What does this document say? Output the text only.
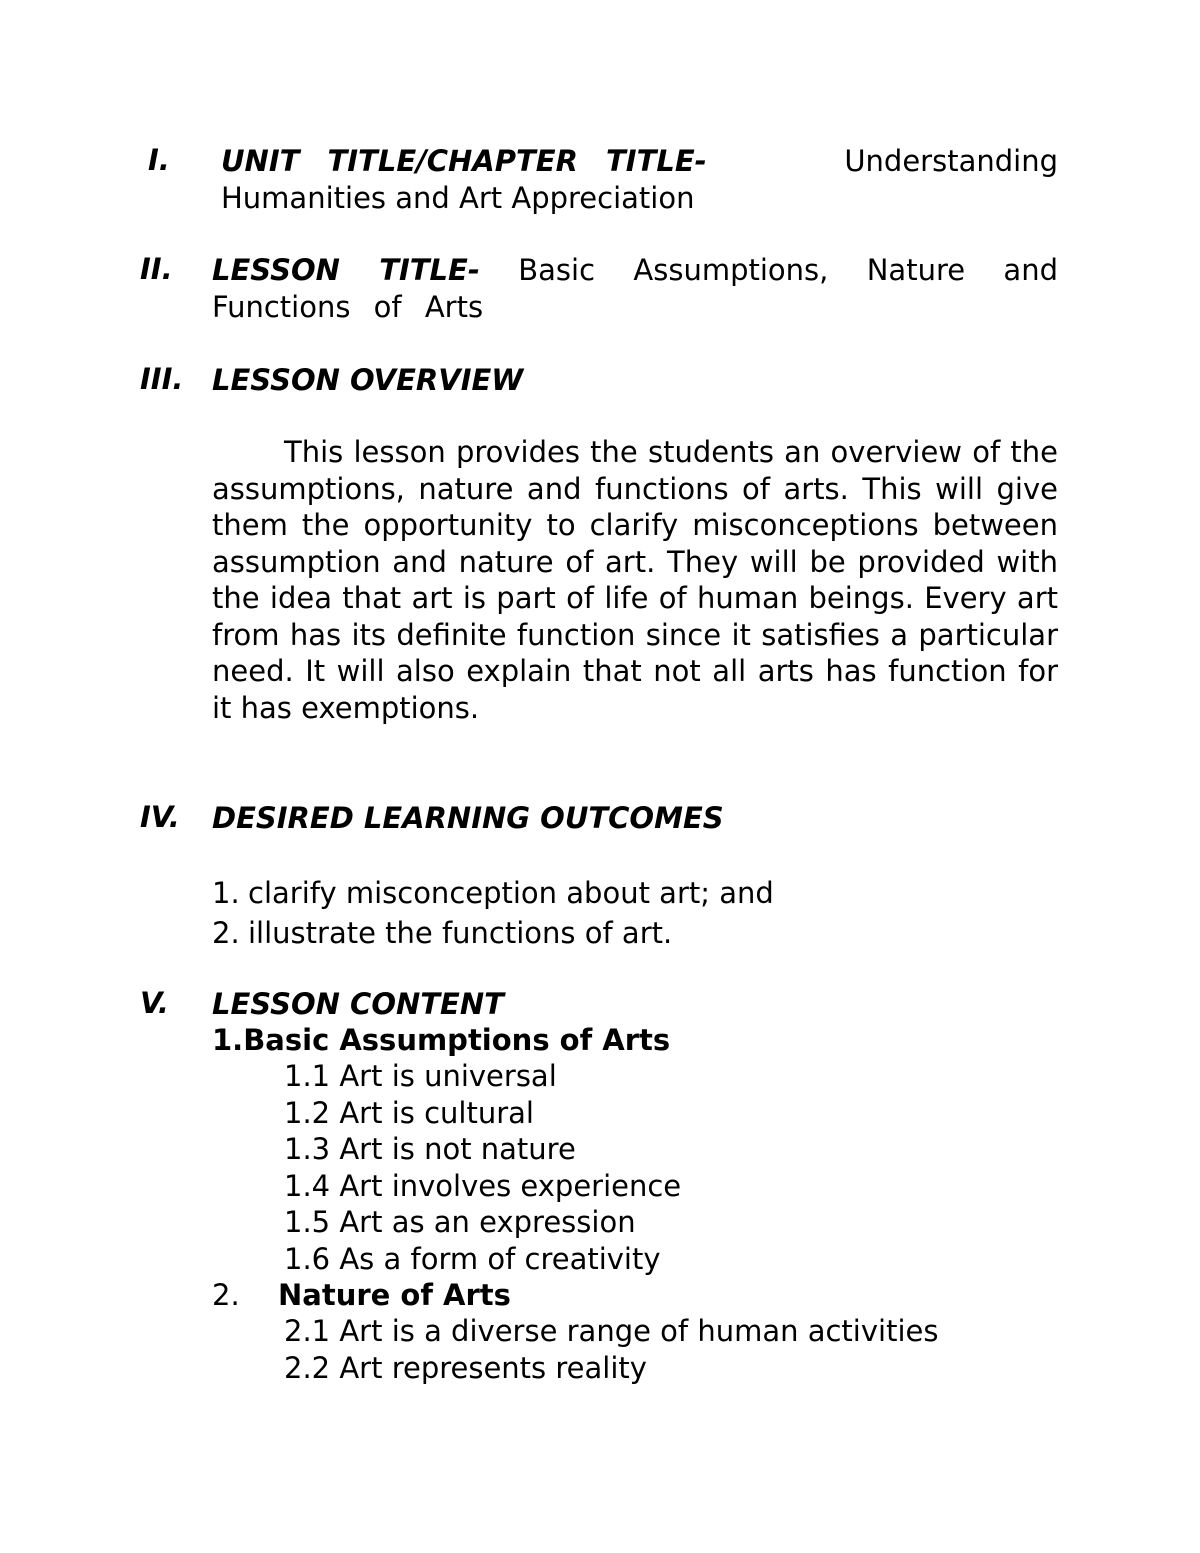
I. UNIT TITLE/CHAPTER TITLE-	Understanding
Humanities and Art Appreciation
II. LESSON TITLE- Basic Assumptions, Nature and Functions of Arts
III. LESSON OVERVIEW
This lesson provides the students an overview of the assumptions, nature and functions of arts. This will give them the opportunity to clarify misconceptions between assumption and nature of art. They will be provided with the idea that art is part of life of human beings. Every art from has its definite function since it satisfies a particular need. It will also explain that not all arts has function for it has exemptions.
IV. DESIRED LEARNING OUTCOMES
1. clarify misconception about art; and
2. illustrate the functions of art.
V. LESSON CONTENT
1.Basic Assumptions of Arts
1.1 Art is universal
1.2 Art is cultural
1.3 Art is not nature
1.4 Art involves experience
1.5 Art as an expression
1.6 As a form of creativity
2. Nature of Arts
2.1 Art is a diverse range of human activities
2.2 Art represents reality
